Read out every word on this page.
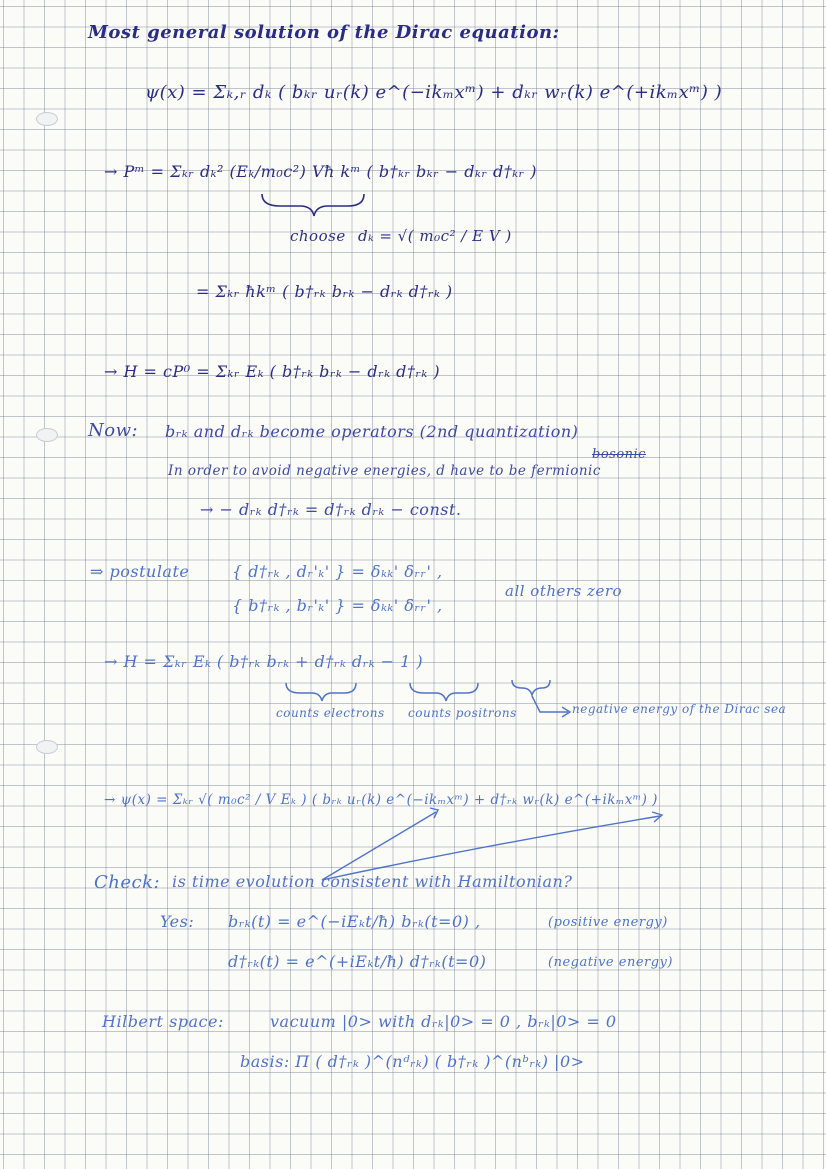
Most general solution of the Dirac equation:
ψ(x) = Σₖ,ᵣ dₖ ( bₖᵣ uᵣ(k) e^(−ikₘxᵐ) + dₖᵣ wᵣ(k) e^(+ikₘxᵐ) )
→ Pᵐ = Σₖᵣ dₖ² (Eₖ/m₀c²) Vħ kᵐ ( b†ₖᵣ bₖᵣ − dₖᵣ d†ₖᵣ )
choose dₖ = √( m₀c² / E V )
= Σₖᵣ ħkᵐ ( b†ᵣₖ bᵣₖ − dᵣₖ d†ᵣₖ )
→ H = cP⁰ = Σₖᵣ Eₖ ( b†ᵣₖ bᵣₖ − dᵣₖ d†ᵣₖ )
Now: bᵣₖ and dᵣₖ become operators (2nd quantization)
In order to avoid negative energies, d have to be fermionic
bosonic
→ − dᵣₖ d†ᵣₖ = d†ᵣₖ dᵣₖ − const.
⇒ postulate	{ d†ᵣₖ , dᵣ'ₖ' } = δₖₖ' δᵣᵣ' ,
{ b†ᵣₖ , bᵣ'ₖ' } = δₖₖ' δᵣᵣ' ,
all others zero
→ H = Σₖᵣ Eₖ ( b†ᵣₖ bᵣₖ + d†ᵣₖ dᵣₖ − 1 )
counts electrons counts positrons	negative energy of the Dirac sea
→ ψ(x) = Σₖᵣ √( m₀c² / V Eₖ ) ( bᵣₖ uᵣ(k) e^(−ikₘxᵐ) + d†ᵣₖ wᵣ(k) e^(+ikₘxᵐ) )
Check: is time evolution consistent with Hamiltonian?
Yes: bᵣₖ(t) = e^(−iEₖt/ħ) bᵣₖ(t=0) ,	(positive energy)
d†ᵣₖ(t) = e^(+iEₖt/ħ) d†ᵣₖ(t=0)	(negative energy)
Hilbert space:	vacuum |0> with dᵣₖ|0> = 0 , bᵣₖ|0> = 0
basis: Π ( d†ᵣₖ )^(nᵈᵣₖ) ( b†ᵣₖ )^(nᵇᵣₖ) |0>
